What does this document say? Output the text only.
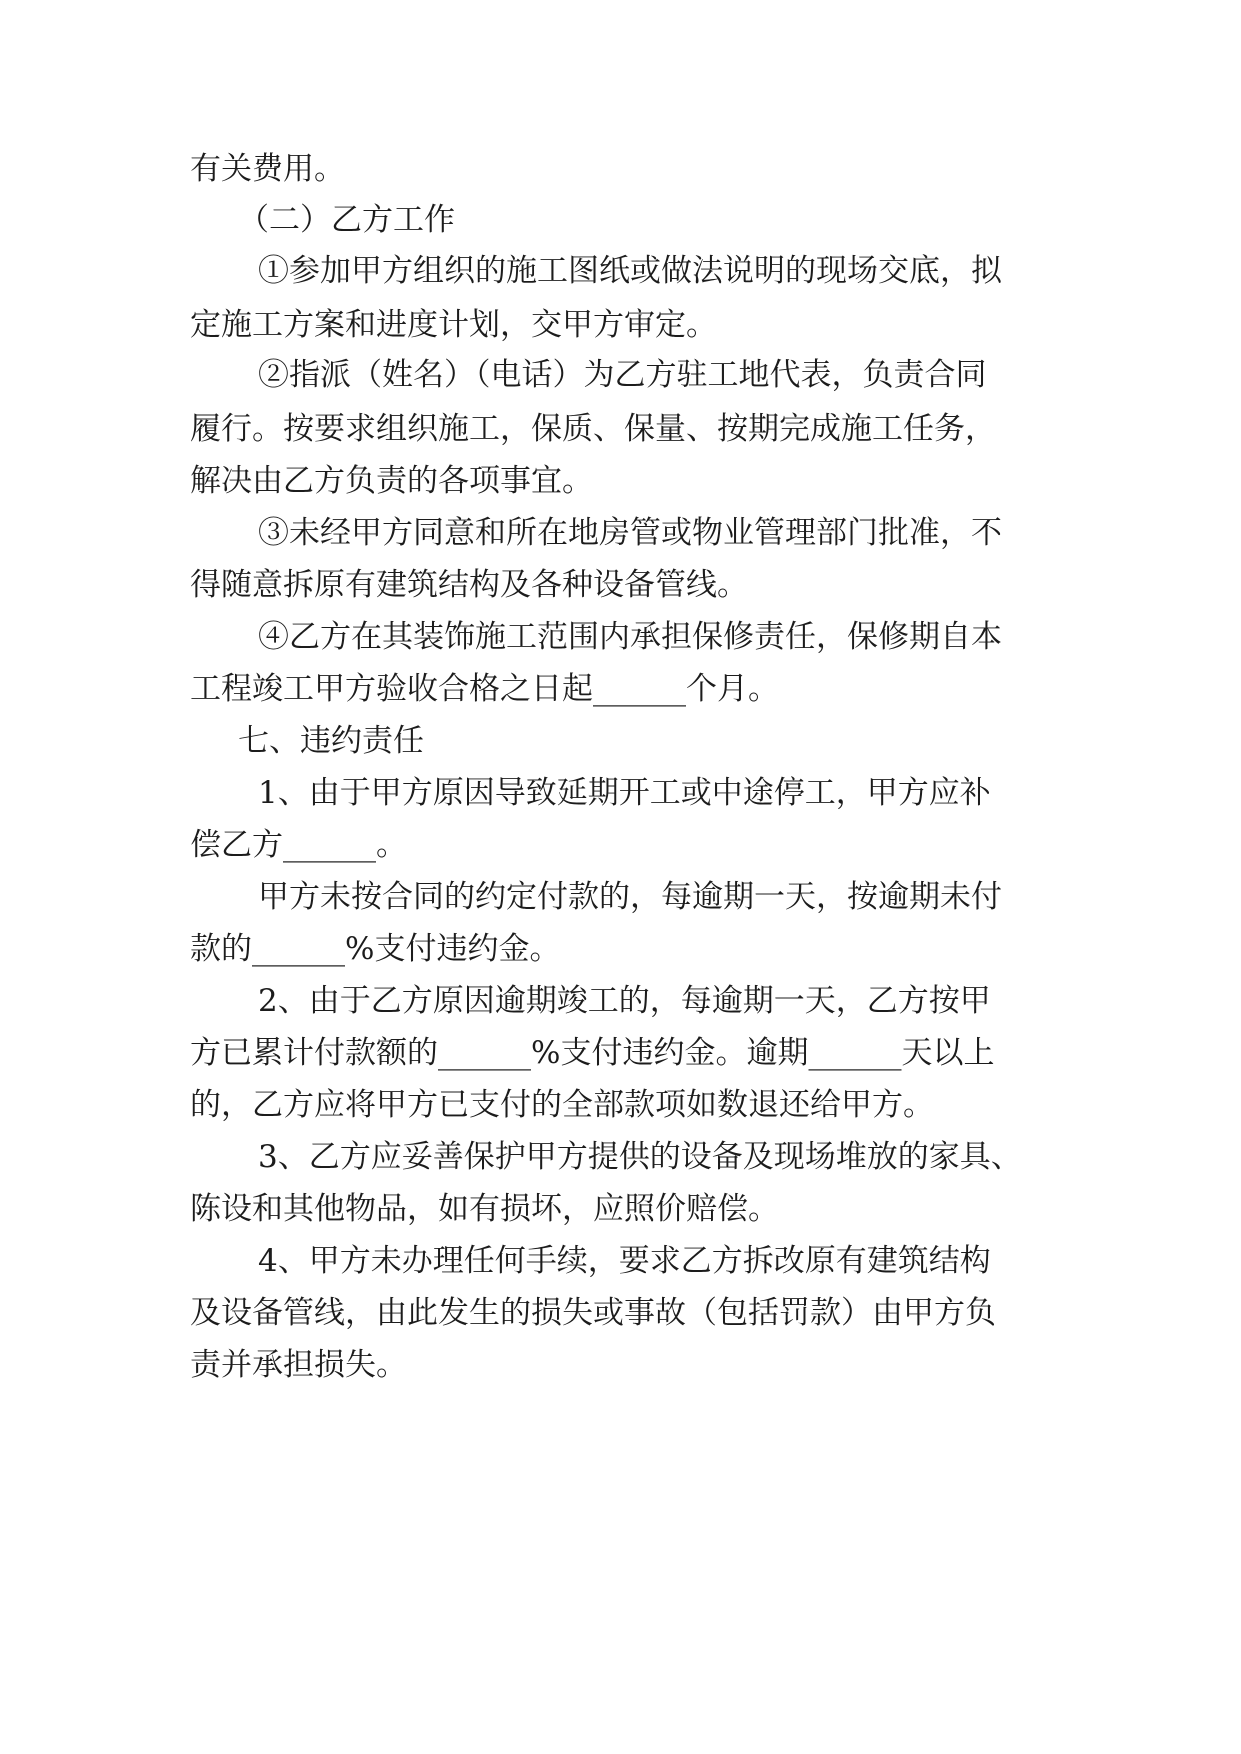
有关费用。
（二）乙方工作
①参加甲方组织的施工图纸或做法说明的现场交底，拟
定施工方案和进度计划，交甲方审定。
②指派（姓名）（电话）为乙方驻工地代表，负责合同
履行。按要求组织施工，保质、保量、按期完成施工任务，
解决由乙方负责的各项事宜。
③未经甲方同意和所在地房管或物业管理部门批准，不
得随意拆原有建筑结构及各种设备管线。
④乙方在其装饰施工范围内承担保修责任，保修期自本
工程竣工甲方验收合格之日起______个月。
七、违约责任
1、由于甲方原因导致延期开工或中途停工，甲方应补
偿乙方______。
甲方未按合同的约定付款的，每逾期一天，按逾期未付
款的______%支付违约金。
2、由于乙方原因逾期竣工的，每逾期一天，乙方按甲
方已累计付款额的______%支付违约金。逾期______天以上
的，乙方应将甲方已支付的全部款项如数退还给甲方。
3、乙方应妥善保护甲方提供的设备及现场堆放的家具、
陈设和其他物品，如有损坏，应照价赔偿。
4、甲方未办理任何手续，要求乙方拆改原有建筑结构
及设备管线，由此发生的损失或事故（包括罚款）由甲方负
责并承担损失。
